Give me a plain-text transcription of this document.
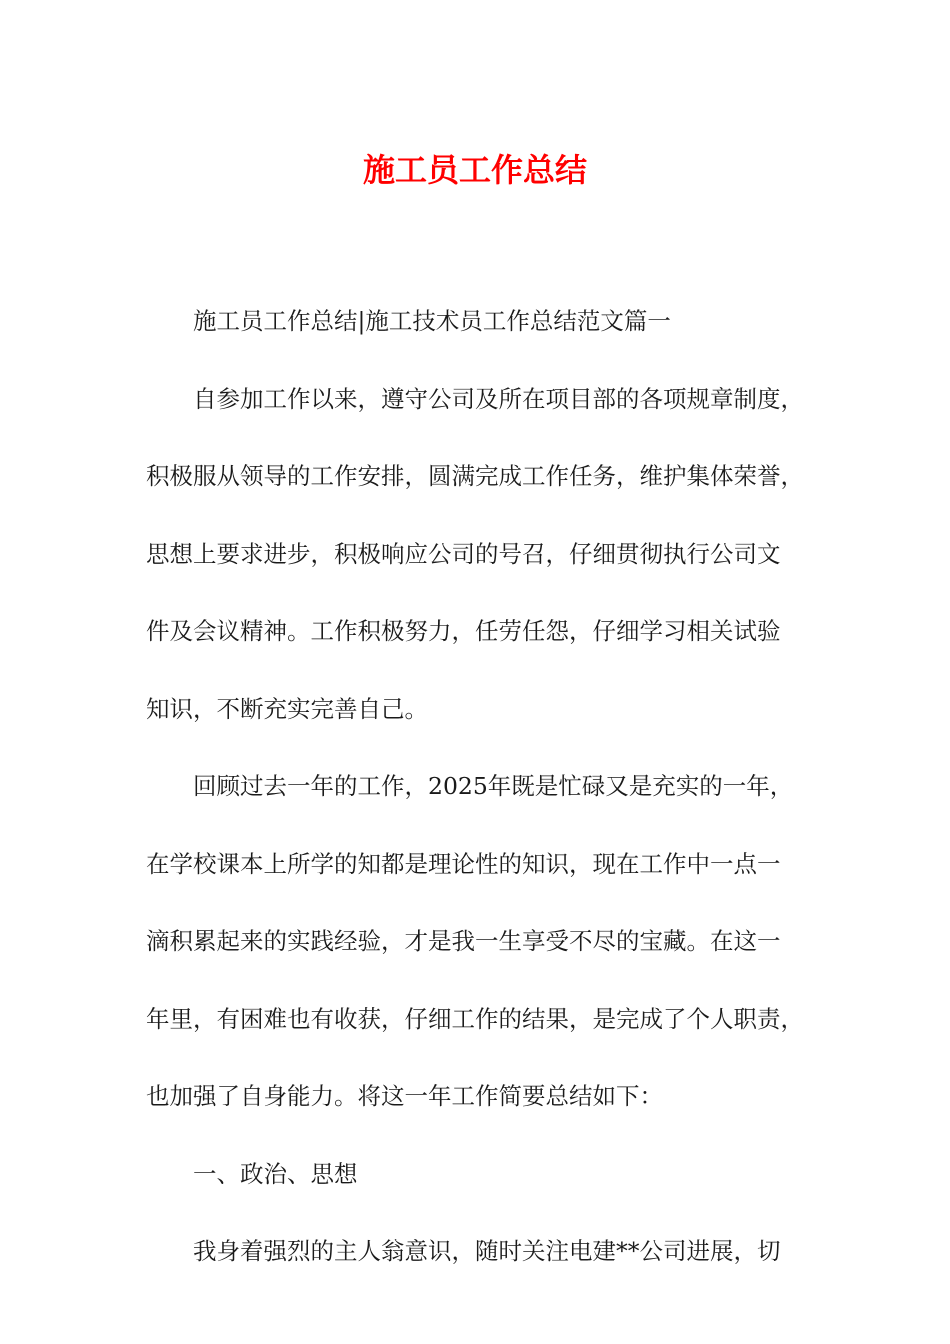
施工员工作总结
施工员工作总结|施工技术员工作总结范文篇一
自参加工作以来，遵守公司及所在项目部的各项规章制度，
积极服从领导的工作安排，圆满完成工作任务，维护集体荣誉，
思想上要求进步，积极响应公司的号召，仔细贯彻执行公司文
件及会议精神。工作积极努力，任劳任怨，仔细学习相关试验
知识，不断充实完善自己。
回顾过去一年的工作，2025年既是忙碌又是充实的一年，
在学校课本上所学的知都是理论性的知识，现在工作中一点一
滴积累起来的实践经验，才是我一生享受不尽的宝藏。在这一
年里，有困难也有收获，仔细工作的结果，是完成了个人职责，
也加强了自身能力。将这一年工作简要总结如下：
一、政治、思想
我身着强烈的主人翁意识，随时关注电建**公司进展，切
